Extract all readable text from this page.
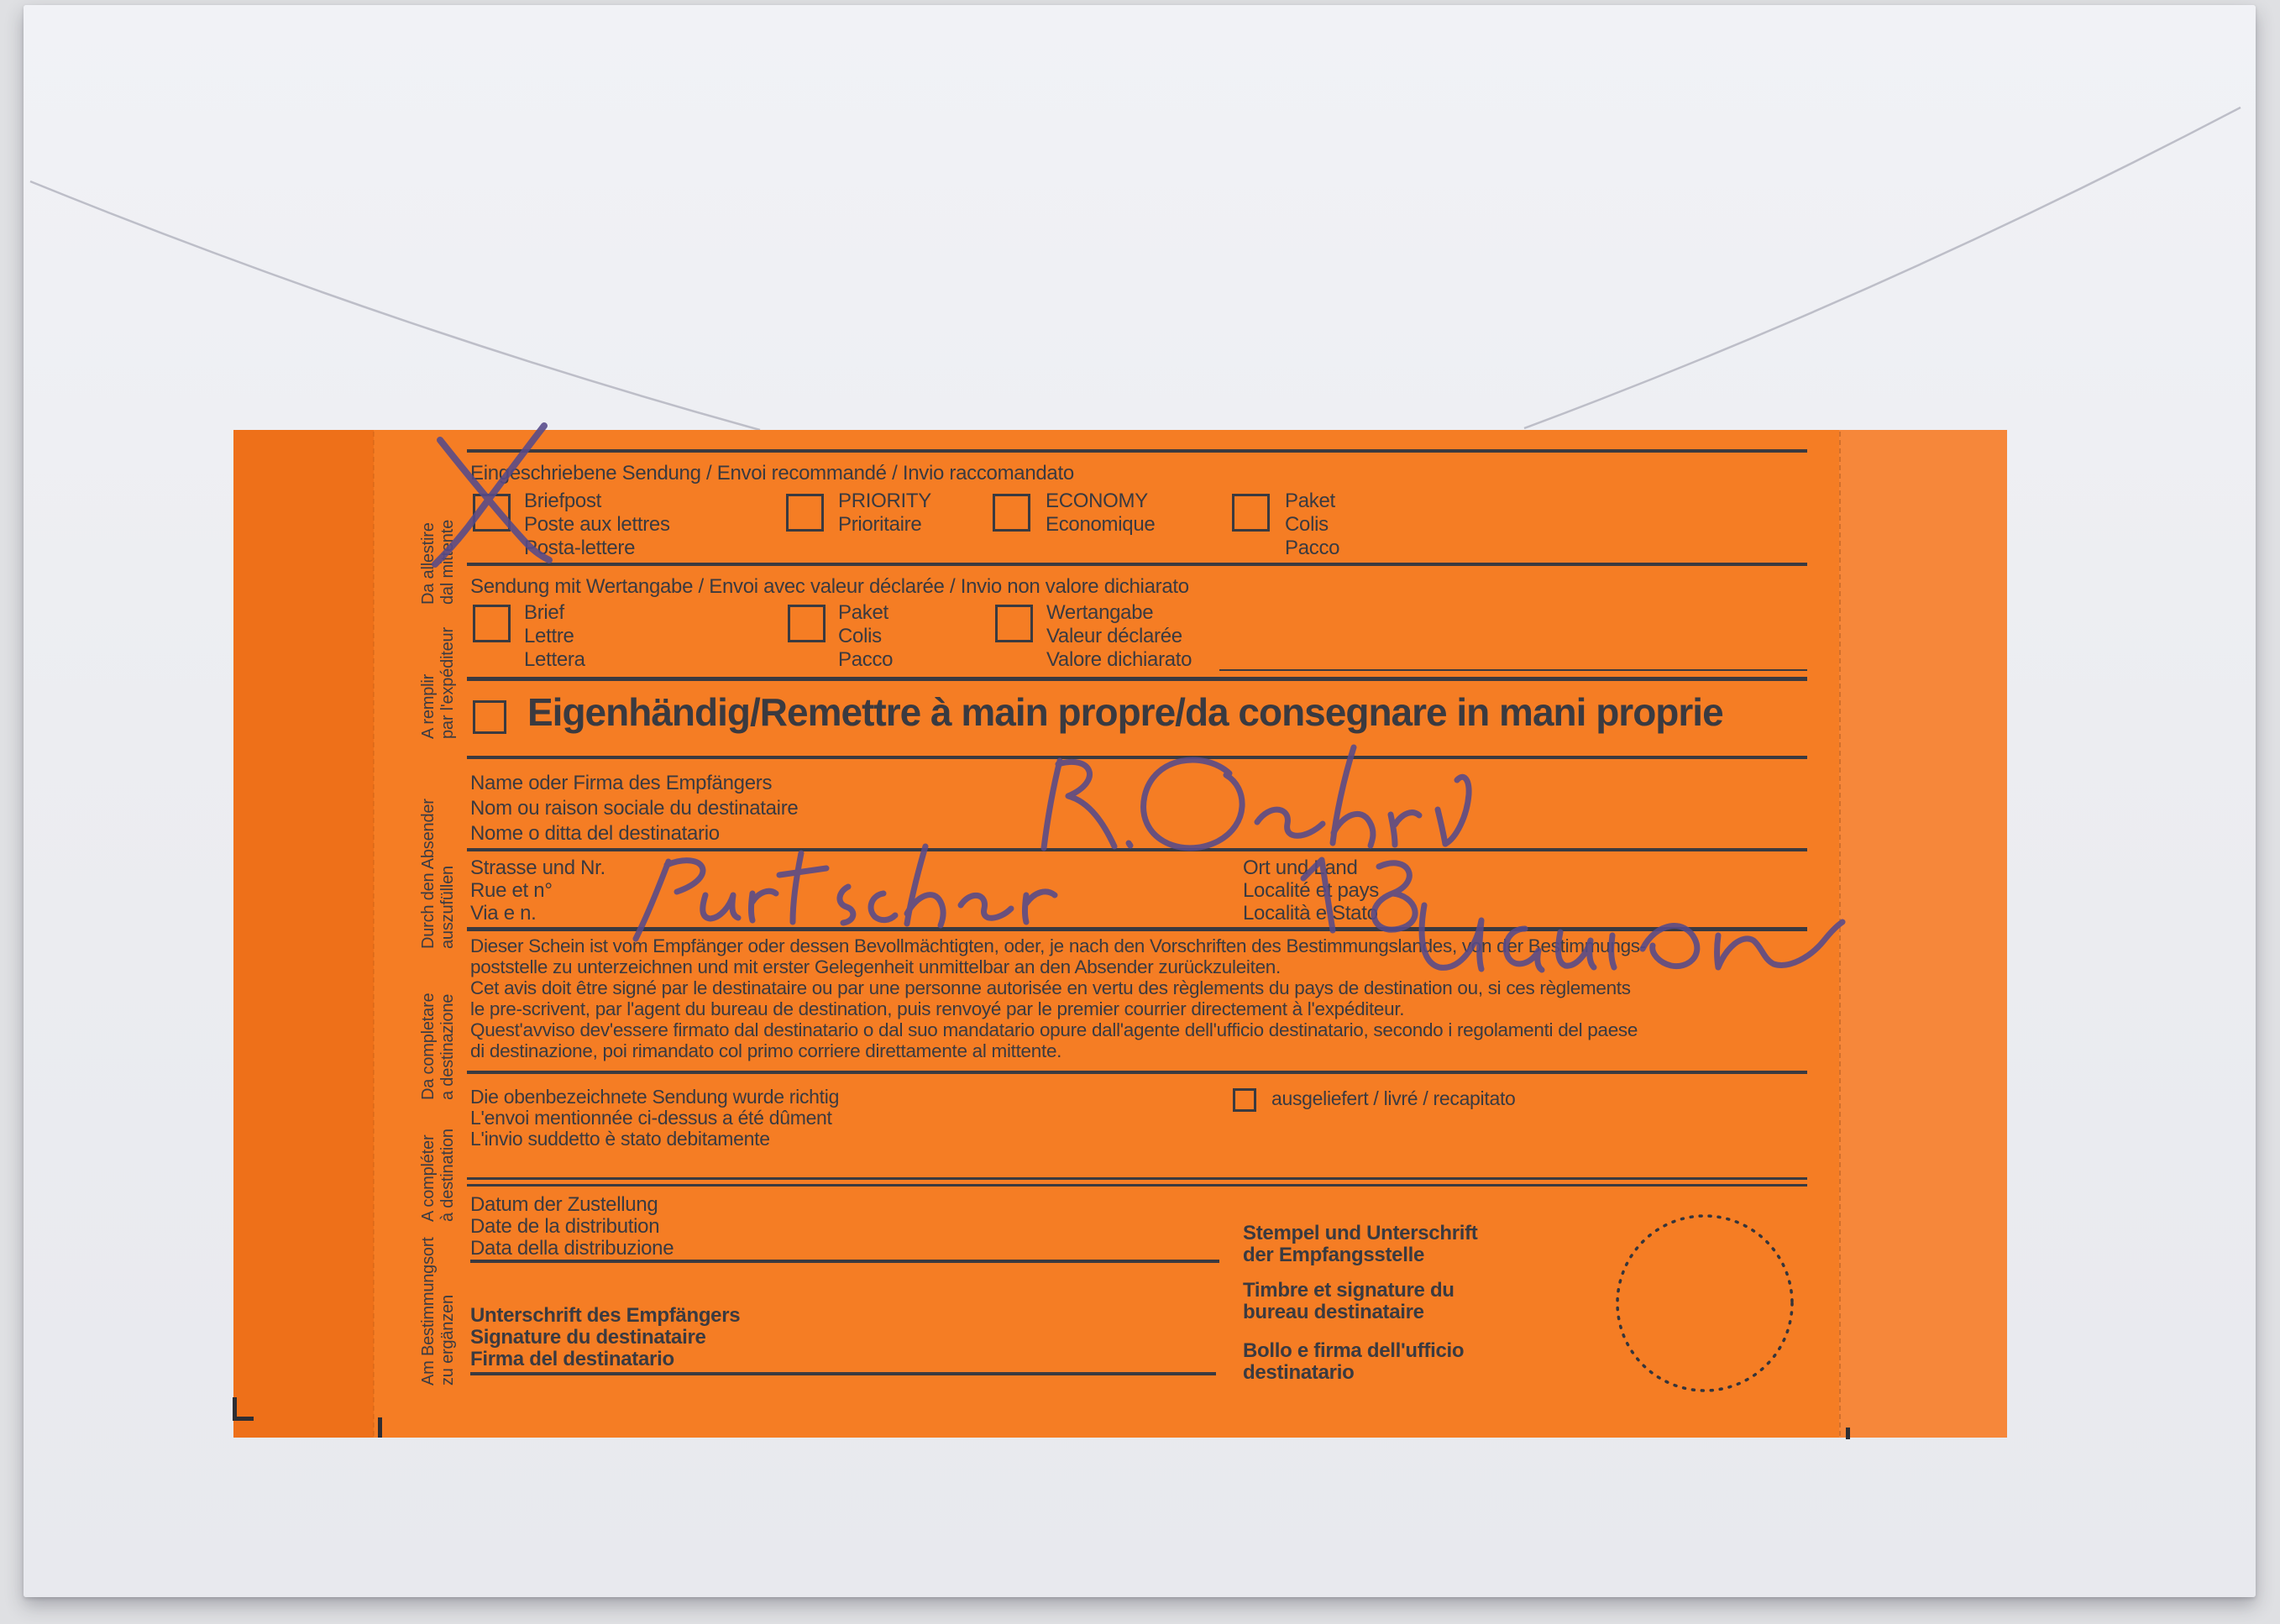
Eingeschriebene Sendung / Envoi recommandé / Invio raccomandato
Briefpost
Poste aux lettres
Posta-lettere
PRIORITY
Prioritaire
ECONOMY
Economique
Paket
Colis
Pacco
Sendung mit Wertangabe / Envoi avec valeur déclarée / Invio non valore dichiarato
Brief
Lettre
Lettera
Paket
Colis
Pacco
Wertangabe
Valeur déclarée
Valore dichiarato
Eigenhändig/Remettre à main propre/da consegnare in mani proprie
Name oder Firma des Empfängers
Nom ou raison sociale du destinataire
Nome o ditta del destinatario
Strasse und Nr.
Rue et n°
Via e n.
Ort und Land
Localité et pays
Località e Stato
Dieser Schein ist vom Empfänger oder dessen Bevollmächtigten, oder, je nach den Vorschriften des Bestimmungslandes, von der Bestimmungs-
poststelle zu unterzeichnen und mit erster Gelegenheit unmittelbar an den Absender zurückzuleiten.
Cet avis doit être signé par le destinataire ou par une personne autorisée en vertu des règlements du pays de destination ou, si ces règlements
le pre-scrivent, par l'agent du bureau de destination, puis renvoyé par le premier courrier directement à l'expéditeur.
Quest'avviso dev'essere firmato dal destinatario o dal suo mandatario opure dall'agente dell'ufficio destinatario, secondo i regolamenti del paese
di destinazione, poi rimandato col primo corriere direttamente al mittente.
Die obenbezeichnete Sendung wurde richtig
L'envoi mentionnée ci-dessus a été dûment
L'invio suddetto è stato debitamente
ausgeliefert / livré / recapitato
Datum der Zustellung
Date de la distribution
Data della distribuzione
Stempel und Unterschrift
der Empfangsstelle
Timbre et signature du
bureau destinataire
Bollo e firma dell'ufficio
destinatario
Unterschrift des Empfängers
Signature du destinataire
Firma del destinatario
Da allestire dal mittente
A remplir par l'expéditeur
Durch den Absender auszufüllen
Da completare a destinazione
A compléter à destination
Am Bestimmungsort zu ergänzen
